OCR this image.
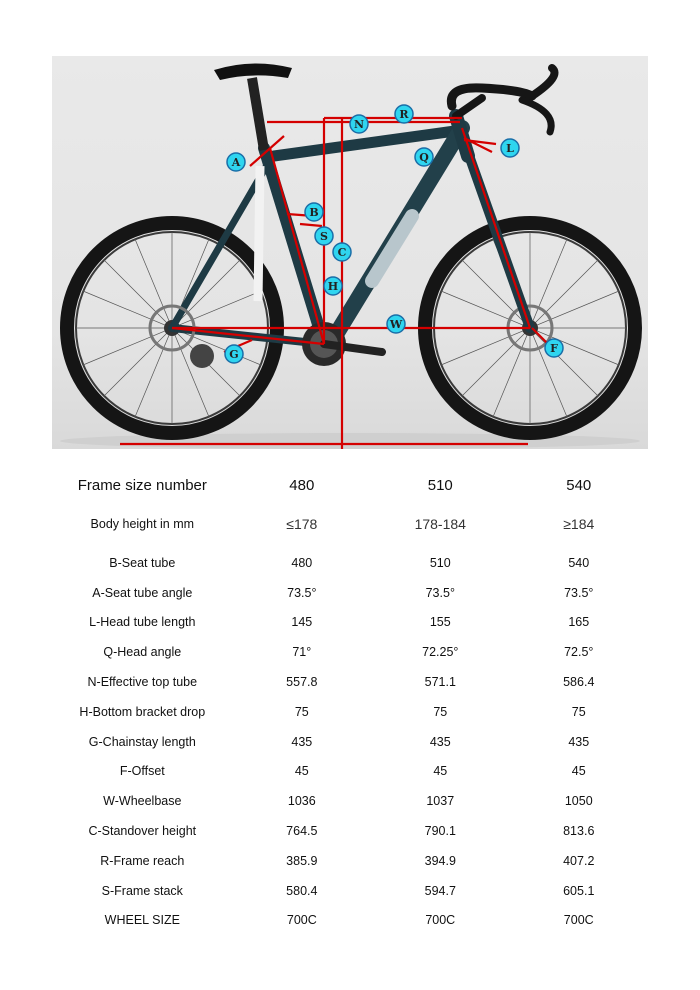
A
B
S
C
H
N
R
Q
L
G
W
F
Frame size number	480	510	540
Body height in mm	≤178	178-184	≥184
B-Seat tube	480	510	540
A-Seat tube angle	73.5°	73.5°	73.5°
L-Head tube length	145	155	165
Q-Head angle	71°	72.25°	72.5°
N-Effective top tube	557.8	571.1	586.4
H-Bottom bracket drop	75	75	75
G-Chainstay length	435	435	435
F-Offset	45	45	45
W-Wheelbase	1036	1037	1050
C-Standover height	764.5	790.1	813.6
R-Frame reach	385.9	394.9	407.2
S-Frame stack	580.4	594.7	605.1
WHEEL SIZE	700C	700C	700C
